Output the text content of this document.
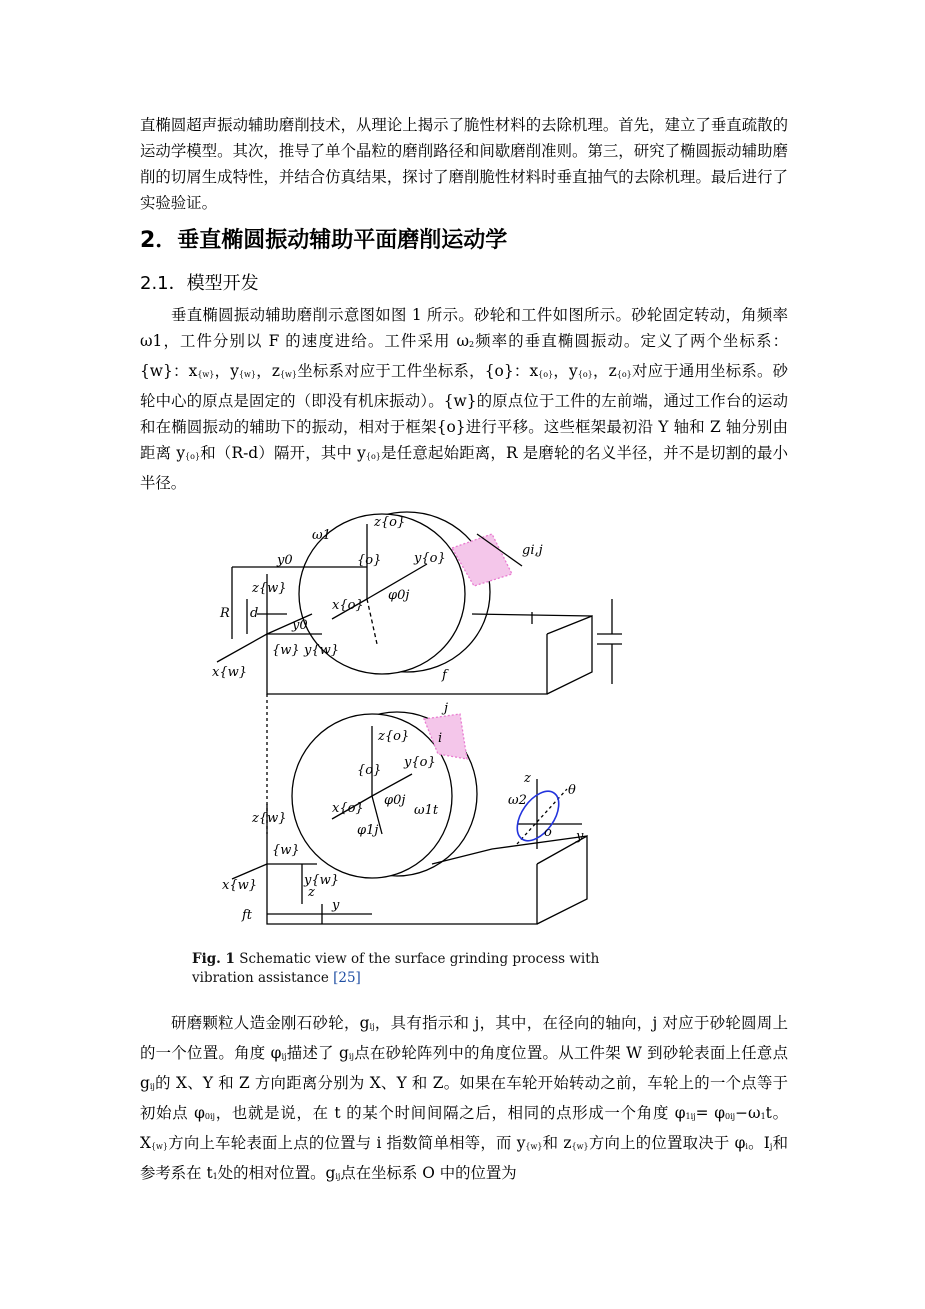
直椭圆超声振动辅助磨削技术，从理论上揭示了脆性材料的去除机理。首先，建立了垂直疏散的运动学模型。其次，推导了单个晶粒的磨削路径和间歇磨削准则。第三，研究了椭圆振动辅助磨削的切屑生成特性，并结合仿真结果，探讨了磨削脆性材料时垂直抽气的去除机理。最后进行了实验验证。

2．垂直椭圆振动辅助平面磨削运动学
2.1．模型开发

垂直椭圆振动辅助磨削示意图如图 1 所示。砂轮和工件如图所示。砂轮固定转动，角频率 ω1，工件分别以 F 的速度进给。工件采用 ω2频率的垂直椭圆振动。定义了两个坐标系：{w}：x{w}，y{w}，z{w}坐标系对应于工件坐标系，{o}：x{o}，y{o}，z{o}对应于通用坐标系。砂轮中心的原点是固定的（即没有机床振动）。{w}的原点位于工件的左前端，通过工作台的运动和在椭圆振动的辅助下的振动，相对于框架{o}进行平移。这些框架最初沿 Y 轴和 Z 轴分别由距离 y{o}和（R-d）隔开，其中 y{o}是任意起始距离，R 是磨轮的名义半径，并不是切割的最小半径。

z{o}
ω1
{o}	y{o}
x{o}
φ0j
gi,j
y0
y0
z{w}
R d
{w} y{w}
x{w}	f
j
i
z{o}
{o}
y{o}
x{o}
φ0j
ω1t
φ1j
z{w}
{w}
y{w}
x{w}	z
z
ω2
θ
o y
ft
y
Fig. 1 Schematic view of the surface grinding process with vibration assistance [25]

研磨颗粒人造金刚石砂轮，gij，具有指示和 j，其中，在径向的轴向，j 对应于砂轮圆周上的一个位置。角度 φij描述了 gij点在砂轮阵列中的角度位置。从工件架 W 到砂轮表面上任意点 gij的 X、Y 和 Z 方向距离分别为 X、Y 和 Z。如果在车轮开始转动之前，车轮上的一个点等于初始点 φ0ij，也就是说，在 t 的某个时间间隔之后，相同的点形成一个角度 φ1ij= φ0ij−ω1t。X{w}方向上车轮表面上点的位置与 i 指数简单相等，而 y{w}和 z{w}方向上的位置取决于 φi。Ij和参考系在 t1处的相对位置。gij点在坐标系 O 中的位置为
